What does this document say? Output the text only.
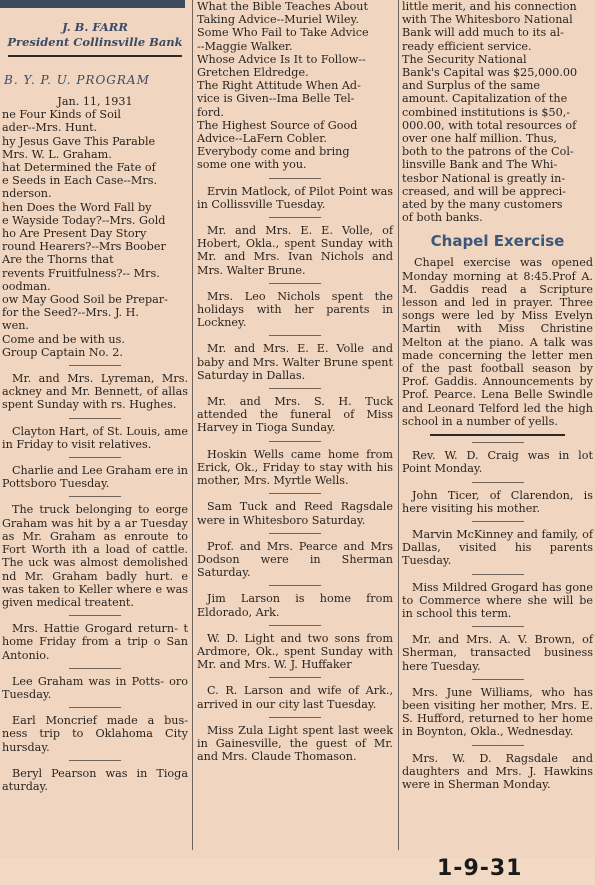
J. B. FARR
President Collinsville Bank
B. Y. P. U. PROGRAM

Jan. 11, 1931

ne Four Kinds of Soil

ader--Mrs. Hunt.

hy Jesus Gave This Parable

Mrs. W. L. Graham.

hat Determined the Fate of

e Seeds in Each Case--Mrs.

nderson.

hen Does the Word Fall by

e Wayside Today?--Mrs. Gold

ho Are Present Day Story

round Hearers?--Mrs Boober

Are the Thorns that

revents Fruitfulness?-- Mrs.

oodman.

ow May Good Soil be Prepar-

for the Seed?--Mrs. J. H.

wen.

Come and be with us.

Group Captain No. 2.

Mr. and Mrs. Lyreman, Mrs. ackney and Mr. Bennett, of allas spent Sunday with rs. Hughes.

Clayton Hart, of St. Louis, ame in Friday to visit relatives.

Charlie and Lee Graham ere in Pottsboro Tuesday.

The truck belonging to eorge Graham was hit by a ar Tuesday as Mr. Graham as enroute to Fort Worth ith a load of cattle. The uck was almost demolished nd Mr. Graham badly hurt. e was taken to Keller where e was given medical treatent.

Mrs. Hattie Grogard return- t home Friday from a trip o San Antonio.

Lee Graham was in Potts- oro Tuesday.

Earl Moncrief made a bus- ness trip to Oklahoma City hursday.

Beryl Pearson was in Tioga aturday.

What the Bible Teaches About

Taking Advice--Muriel Wiley.

Some Who Fail to Take Advice

--Maggie Walker.

Whose Advice Is It to Follow--

Gretchen Eldredge.

The Right Attitude When Ad-

vice is Given--Ima Belle Tel-

ford.

The Highest Source of Good

Advice--LaFern Cobler.

Everybody come and bring

some one with you.

Ervin Matlock, of Pilot Point was in Collissville Tuesday.

Mr. and Mrs. E. E. Volle, of Hobert, Okla., spent Sunday with Mr. and Mrs. Ivan Nichols and Mrs. Walter Brune.

Mrs. Leo Nichols spent the holidays with her parents in Lockney.

Mr. and Mrs. E. E. Volle and baby and Mrs. Walter Brune spent Saturday in Dallas.

Mr. and Mrs. S. H. Tuck attended the funeral of Miss Harvey in Tioga Sunday.

Hoskin Wells came home from Erick, Ok., Friday to stay with his mother, Mrs. Myrtle Wells.

Sam Tuck and Reed Ragsdale were in Whitesboro Saturday.

Prof. and Mrs. Pearce and Mrs Dodson were in Sherman Saturday.

Jim Larson is home from Eldorado, Ark.

W. D. Light and two sons from Ardmore, Ok., spent Sunday with Mr. and Mrs. W. J. Huffaker

C. R. Larson and wife of Ark., arrived in our city last Tuesday.

Miss Zula Light spent last week in Gainesville, the guest of Mr. and Mrs. Claude Thomason.

little merit, and his connection

with The Whitesboro National

Bank will add much to its al-

ready efficient service.

The Security National

Bank's Capital was $25,000.00

and Surplus of the same

amount. Capitalization of the

combined institutions is $50,-

000.00, with total resources of

over one half million. Thus,

both to the patrons of the Col-

linsville Bank and The Whi-

tesbor National is greatly in-

creased, and will be appreci-

ated by the many customers

of both banks.

Chapel Exercise

Chapel exercise was opened Monday morning at 8:45.Prof A. M. Gaddis read a Scripture lesson and led in prayer. Three songs were led by Miss Evelyn Martin with Miss Christine Melton at the piano. A talk was made concerning the letter men of the past football season by Prof. Gaddis. Announcements by Prof. Pearce. Lena Belle Swindle and Leonard Telford led the high school in a number of yells.

Rev. W. D. Craig was in lot Point Monday.

John Ticer, of Clarendon, is here visiting his mother.

Marvin McKinney and family, of Dallas, visited his parents Tuesday.

Miss Mildred Grogard has gone to Commerce where she will be in school this term.

Mr. and Mrs. A. V. Brown, of Sherman, transacted business here Tuesday.

Mrs. June Williams, who has been visiting her mother, Mrs. E. S. Hufford, returned to her home in Boynton, Okla., Wednesday.

Mrs. W. D. Ragsdale and daughters and Mrs. J. Hawkins were in Sherman Monday.

1-9-31
